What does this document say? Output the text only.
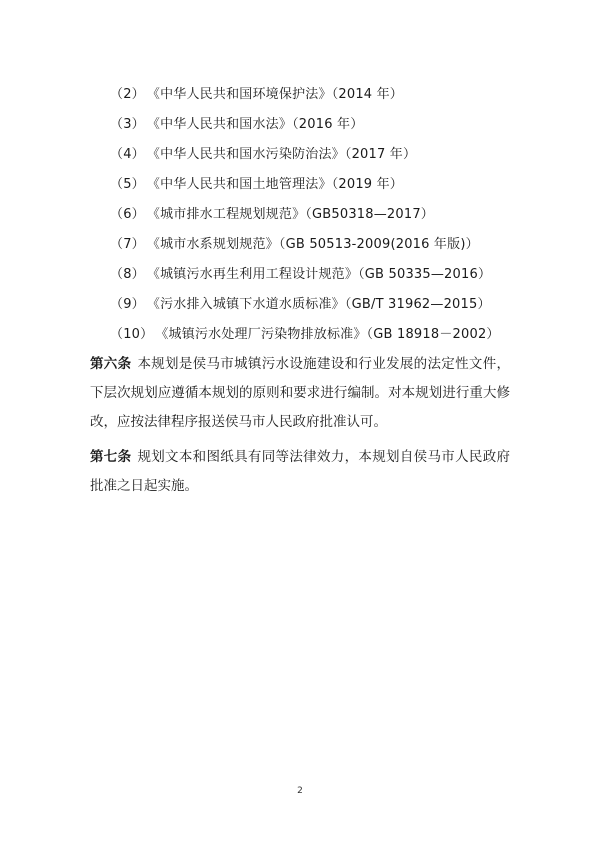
（2） 《中华人民共和国环境保护法》（2014 年）
（3） 《中华人民共和国水法》（2016 年）
（4） 《中华人民共和国水污染防治法》（2017 年）
（5） 《中华人民共和国土地管理法》（2019 年）
（6） 《城市排水工程规划规范》（GB50318—2017）
（7） 《城市水系规划规范》（GB 50513-2009(2016 年版)）
（8） 《城镇污水再生利用工程设计规范》（GB 50335—2016）
（9） 《污水排入城镇下水道水质标准》（GB/T 31962—2015）
（10） 《城镇污水处理厂污染物排放标准》（GB 18918－2002）
第六条 本规划是侯马市城镇污水设施建设和行业发展的法定性文件，下层次规划应遵循本规划的原则和要求进行编制。对本规划进行重大修改，应按法律程序报送侯马市人民政府批准认可。
第七条 规划文本和图纸具有同等法律效力，本规划自侯马市人民政府批准之日起实施。
2
